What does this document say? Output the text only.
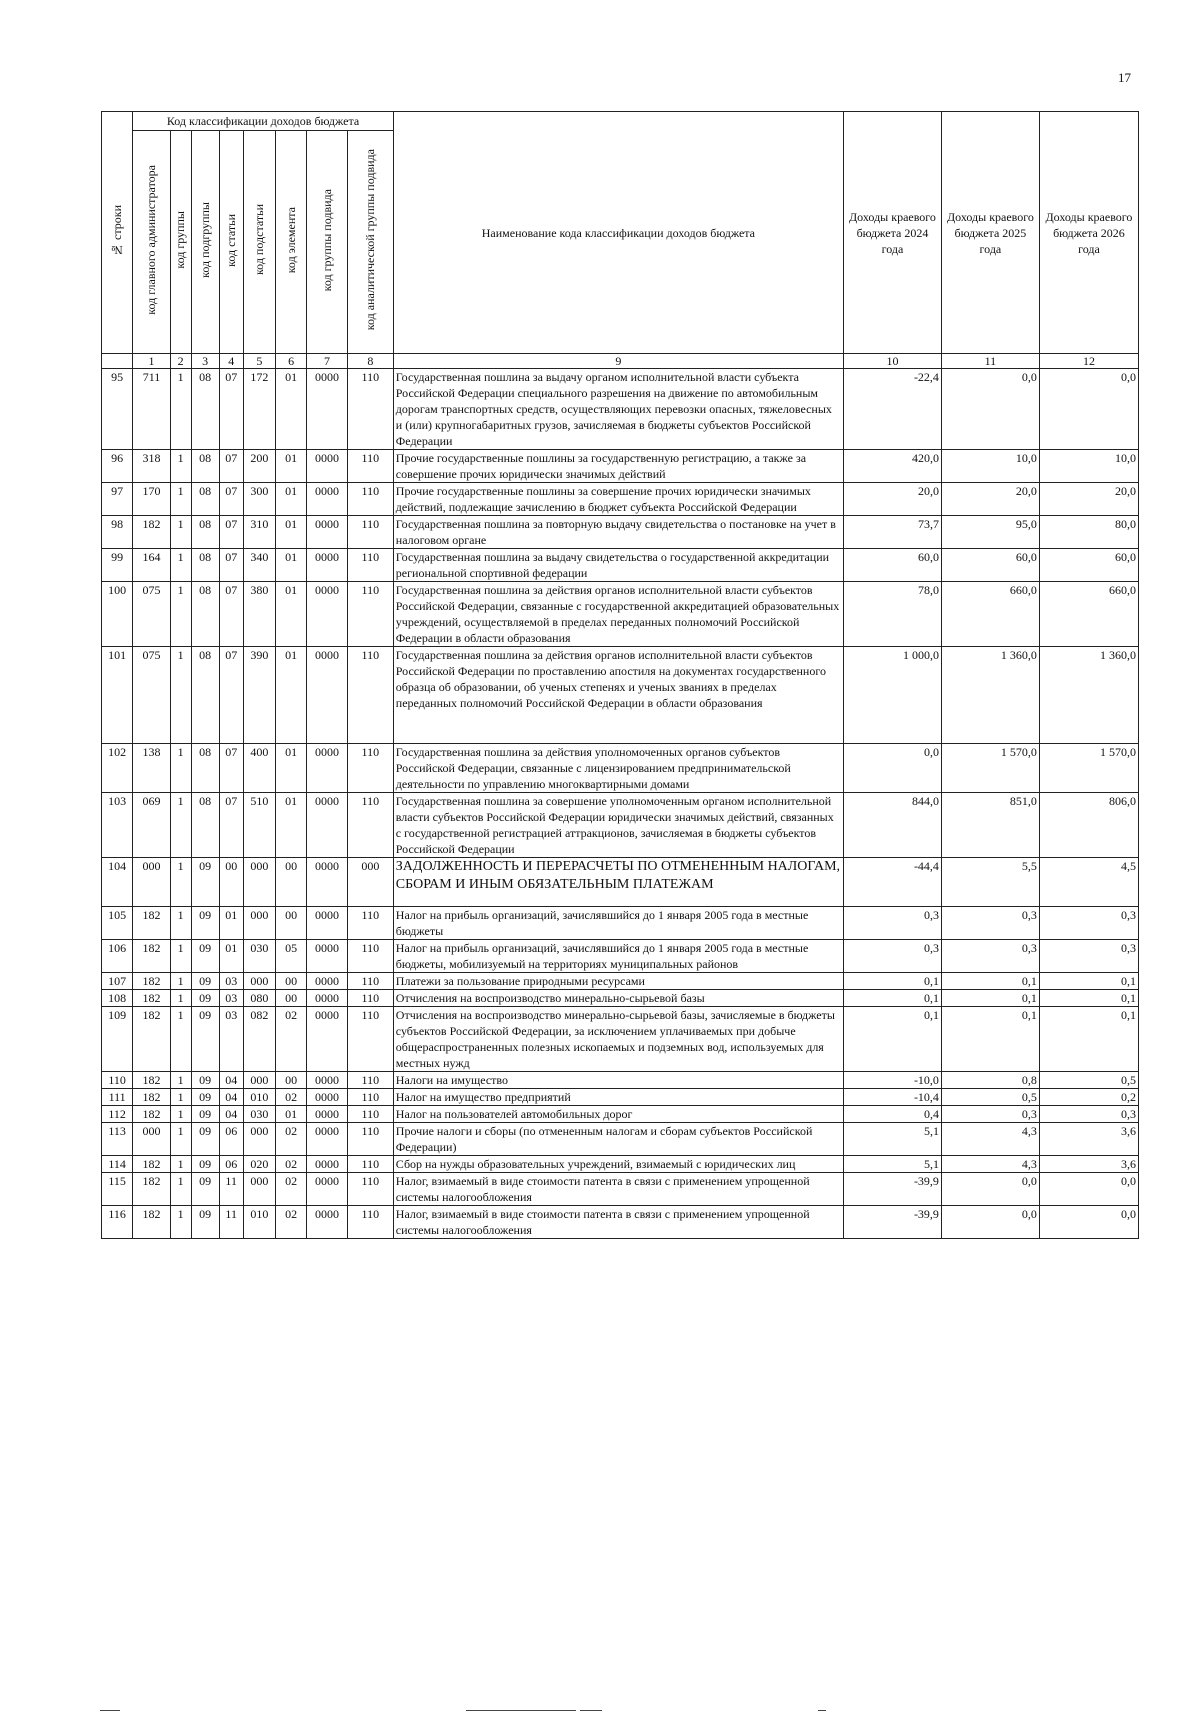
17
№ строки	Код классификации доходов бюджета								Наименование кода классификации доходов бюджета	Доходы краевого бюджета 2024 года	Доходы краевого бюджета 2025 года	Доходы краевого бюджета 2026 года
	код главного администратора	код группы	код подгруппы	код статьи	код подстатьи	код элемента	код группы подвида	код аналитической группы подвида				
	1	2	3	4	5	6	7	8	9	10	11	12
95	711	1	08	07	172	01	0000	110	Государственная пошлина за выдачу органом исполнительной власти субъекта Российской Федерации специального разрешения на движение по автомобильным дорогам транспортных средств, осуществляющих перевозки опасных, тяжеловесных и (или) крупногабаритных грузов, зачисляемая в бюджеты субъектов Российской Федерации	-22,4	0,0	0,0
96	318	1	08	07	200	01	0000	110	Прочие государственные пошлины за государственную регистрацию, а также за совершение прочих юридически значимых действий	420,0	10,0	10,0
97	170	1	08	07	300	01	0000	110	Прочие государственные пошлины за совершение прочих юридически значимых действий, подлежащие зачислению в бюджет субъекта Российской Федерации	20,0	20,0	20,0
98	182	1	08	07	310	01	0000	110	Государственная пошлина за повторную выдачу свидетельства о постановке на учет в налоговом органе	73,7	95,0	80,0
99	164	1	08	07	340	01	0000	110	Государственная пошлина за выдачу свидетельства о государственной аккредитации региональной спортивной федерации	60,0	60,0	60,0
100	075	1	08	07	380	01	0000	110	Государственная пошлина за действия органов исполнительной власти субъектов Российской Федерации, связанные с государственной аккредитацией образовательных учреждений, осуществляемой в пределах переданных полномочий Российской Федерации в области образования	78,0	660,0	660,0
101	075	1	08	07	390	01	0000	110	Государственная пошлина за действия органов исполнительной власти субъектов Российской Федерации по проставлению апостиля на документах государственного образца об образовании, об ученых степенях и ученых званиях в пределах переданных полномочий Российской Федерации в области образования	1 000,0	1 360,0	1 360,0
102	138	1	08	07	400	01	0000	110	Государственная пошлина за действия уполномоченных органов субъектов Российской Федерации, связанные с лицензированием предпринимательской деятельности по управлению многоквартирными домами	0,0	1 570,0	1 570,0
103	069	1	08	07	510	01	0000	110	Государственная пошлина за совершение уполномоченным органом исполнительной власти субъектов Российской Федерации юридически значимых действий, связанных с государственной регистрацией аттракционов, зачисляемая в бюджеты субъектов Российской Федерации	844,0	851,0	806,0
104	000	1	09	00	000	00	0000	000	ЗАДОЛЖЕННОСТЬ И ПЕРЕРАСЧЕТЫ ПО ОТМЕНЕННЫМ НАЛОГАМ, СБОРАМ И ИНЫМ ОБЯЗАТЕЛЬНЫМ ПЛАТЕЖАМ	-44,4	5,5	4,5
105	182	1	09	01	000	00	0000	110	Налог на прибыль организаций, зачислявшийся до 1 января 2005 года в местные бюджеты	0,3	0,3	0,3
106	182	1	09	01	030	05	0000	110	Налог на прибыль организаций, зачислявшийся до 1 января 2005 года в местные бюджеты, мобилизуемый на территориях муниципальных районов	0,3	0,3	0,3
107	182	1	09	03	000	00	0000	110	Платежи за пользование природными ресурсами	0,1	0,1	0,1
108	182	1	09	03	080	00	0000	110	Отчисления на воспроизводство минерально-сырьевой базы	0,1	0,1	0,1
109	182	1	09	03	082	02	0000	110	Отчисления на воспроизводство минерально-сырьевой базы, зачисляемые в бюджеты субъектов Российской Федерации, за исключением уплачиваемых при добыче общераспространенных полезных ископаемых и подземных вод, используемых для местных нужд	0,1	0,1	0,1
110	182	1	09	04	000	00	0000	110	Налоги на имущество	-10,0	0,8	0,5
111	182	1	09	04	010	02	0000	110	Налог на имущество предприятий	-10,4	0,5	0,2
112	182	1	09	04	030	01	0000	110	Налог на пользователей автомобильных дорог	0,4	0,3	0,3
113	000	1	09	06	000	02	0000	110	Прочие налоги и сборы (по отмененным налогам и сборам субъектов Российской Федерации)	5,1	4,3	3,6
114	182	1	09	06	020	02	0000	110	Сбор на нужды образовательных учреждений, взимаемый с юридических лиц	5,1	4,3	3,6
115	182	1	09	11	000	02	0000	110	Налог, взимаемый в виде стоимости патента в связи с применением упрощенной системы налогообложения	-39,9	0,0	0,0
116	182	1	09	11	010	02	0000	110	Налог, взимаемый в виде стоимости патента в связи с применением упрощенной системы налогообложения	-39,9	0,0	0,0
